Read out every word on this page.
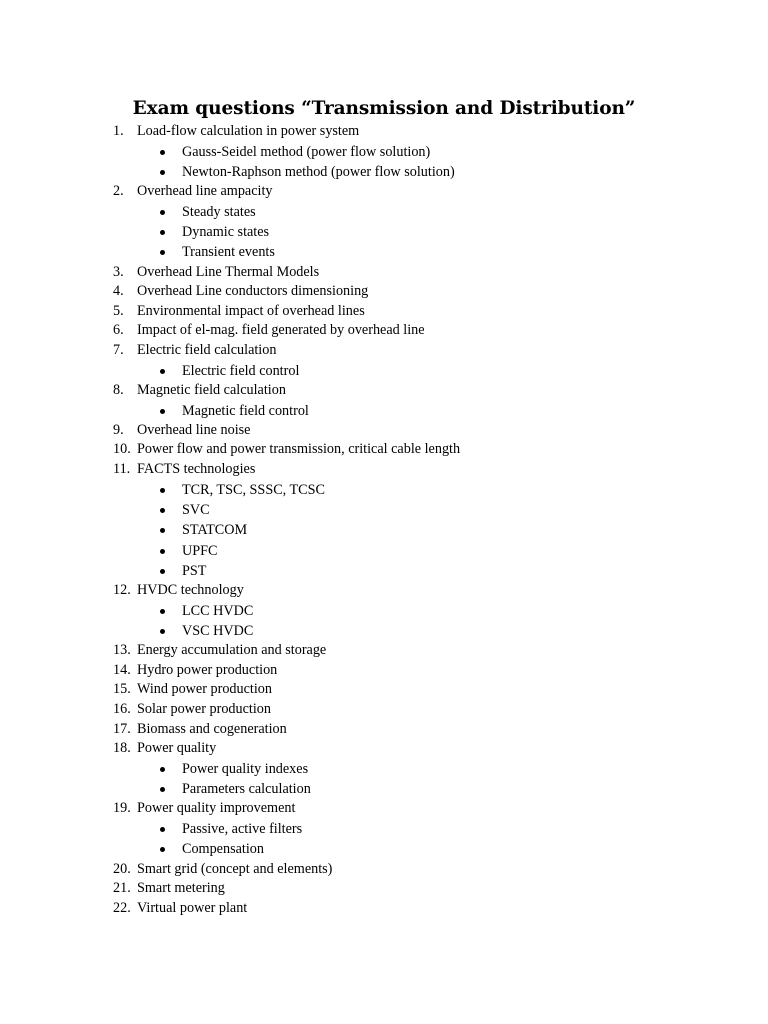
Exam questions “Transmission and Distribution”
1. Load-flow calculation in power system
Gauss-Seidel method (power flow solution)
Newton-Raphson method (power flow solution)
2. Overhead line ampacity
Steady states
Dynamic states
Transient events
3. Overhead Line Thermal Models
4. Overhead Line conductors dimensioning
5. Environmental impact of overhead lines
6. Impact of el-mag. field generated by overhead line
7. Electric field calculation
Electric field control
8. Magnetic field calculation
Magnetic field control
9. Overhead line noise
10. Power flow and power transmission, critical cable length
11. FACTS technologies
TCR, TSC, SSSC, TCSC
SVC
STATCOM
UPFC
PST
12. HVDC technology
LCC HVDC
VSC HVDC
13. Energy accumulation and storage
14. Hydro power production
15. Wind power production
16. Solar power production
17. Biomass and cogeneration
18. Power quality
Power quality indexes
Parameters calculation
19. Power quality improvement
Passive, active filters
Compensation
20. Smart grid (concept and elements)
21. Smart metering
22. Virtual power plant
